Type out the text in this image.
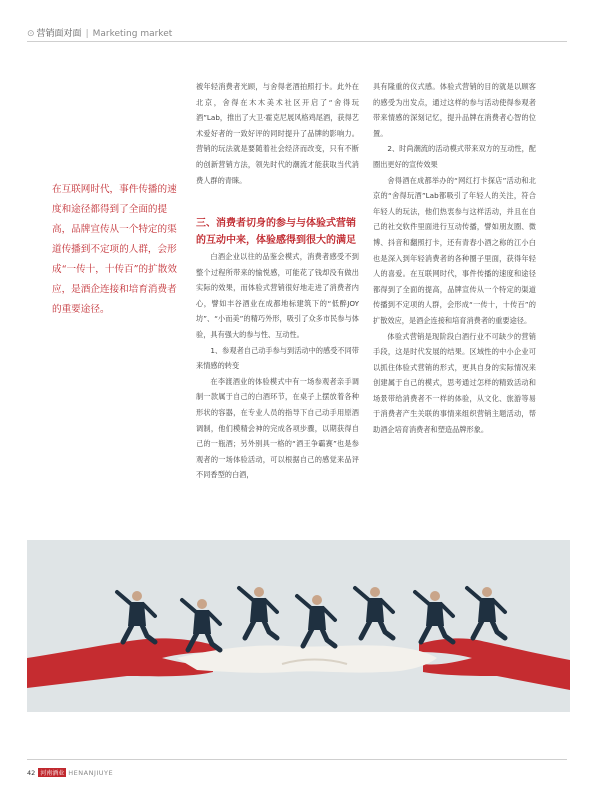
⊙ 营销面对面 | Marketing market
在互联网时代，事件传播的速度和途径都得到了全面的提高，品牌宣传从一个特定的渠道传播到不定项的人群，会形成“一传十，十传百”的扩散效应，是酒企连接和培育消费者的重要途径。

被年轻消费者光顾，与舍得老酒拍照打卡。此外在北京，舍得在木木美术社区开启了“舍得玩酒”Lab，推出了大卫·霍克尼展风格鸡尾酒，获得艺术爱好者的一致好评的同时提升了品牌的影响力。营销的玩法就是要随着社会经济而改变，只有不断的创新营销方法，领先时代的潮流才能获取当代消费人群的青睐。

三、消费者切身的参与与体验式营销的互动中来，体验感得到很大的满足

白酒企业以往的品鉴会模式，消费者感受不到整个过程所带来的愉悦感，可能花了钱却没有做出实际的效果，而体验式营销很好地走进了消费者内心，譬如丰谷酒业在成都地标建筑下的“低醉JOY坊”、“小而美”的精巧外形，吸引了众多市民参与体验，具有强大的参与性、互动性。

1、参观者自己动手参与到活动中的感受不同带来情感的转变

在李渡酒业的体验模式中有一场参观者亲手调制一款属于自己的白酒环节，在桌子上摆放着各种形状的容器，在专业人员的指导下自己动手用原酒调制，他们模精会神的完成各项步骤，以期获得自己的一瓶酒；另外别具一格的“酒王争霸赛”也是参观者的一场体验活动，可以根据自己的感觉来品评不同香型的白酒，

具有隆重的仪式感。体验式营销的目的就是以顾客的感受为出发点，通过这样的参与活动使得参观者带来情感的深刻记忆，提升品牌在消费者心智的位置。

2、时尚潮流的活动模式带来双方的互动性，配圈出更好的宣传效果

舍得酒在成都举办的“网红打卡探店”活动和北京的“舍得玩酒”Lab都吸引了年轻人的关注，符合年轻人的玩法，他们热衷参与这样活动，并且在自己的社交软件里面进行互动传播，譬如朋友圈、微博、抖音和翻照打卡，还有青春小酒之称的江小白也是深入到年轻消费者的各种圈子里面，获得年轻人的喜爱。在互联网时代，事件传播的速度和途径都得到了全面的提高，品牌宣传从一个特定的渠道传播到不定项的人群，会形成“一传十，十传百”的扩散效应，是酒企连接和培育消费者的重要途径。

体验式营销是现阶段白酒行业不可缺少的营销手段，这是时代发展的结果。区域性的中小企业可以抓住体验式营销的形式，更具自身的实际情况来创建属于自己的模式，思考通过怎样的精致活动和场景带给消费者不一样的体验，从文化、旅游等易于消费者产生关联的事情来组织营销主题活动，帮助酒企培育消费者和塑造品牌形象。

42 河南酒业 HENANJIUYE
